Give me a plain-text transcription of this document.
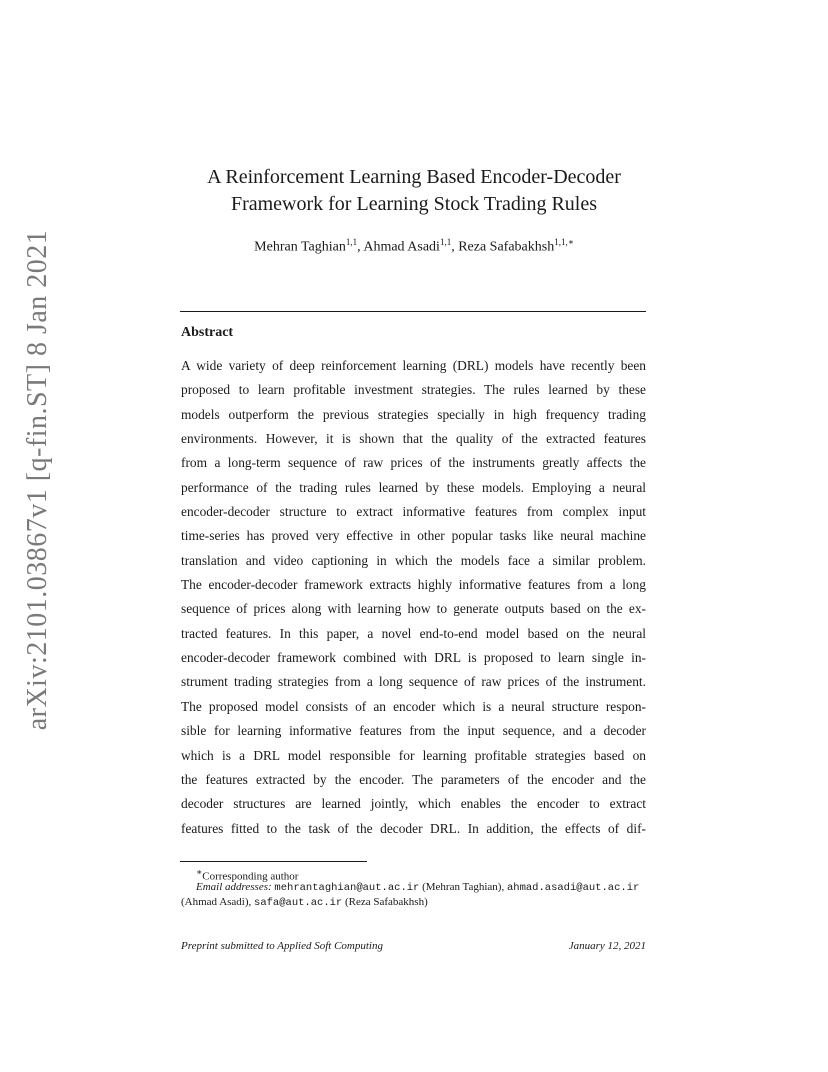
arXiv:2101.03867v1 [q-fin.ST] 8 Jan 2021
A Reinforcement Learning Based Encoder-Decoder
Framework for Learning Stock Trading Rules
Mehran Taghian$^{1,1}$, Ahmad Asadi$^{1,1}$, Reza Safabakhsh$^{1,1,∗}$
Abstract
A wide variety of deep reinforcement learning (DRL) models have recently been
proposed to learn profitable investment strategies. The rules learned by these
models outperform the previous strategies specially in high frequency trading
environments. However, it is shown that the quality of the extracted features
from a long-term sequence of raw prices of the instruments greatly affects the
performance of the trading rules learned by these models. Employing a neural
encoder-decoder structure to extract informative features from complex input
time-series has proved very effective in other popular tasks like neural machine
translation and video captioning in which the models face a similar problem.
The encoder-decoder framework extracts highly informative features from a long
sequence of prices along with learning how to generate outputs based on the ex-
tracted features. In this paper, a novel end-to-end model based on the neural
encoder-decoder framework combined with DRL is proposed to learn single in-
strument trading strategies from a long sequence of raw prices of the instrument.
The proposed model consists of an encoder which is a neural structure respon-
sible for learning informative features from the input sequence, and a decoder
which is a DRL model responsible for learning profitable strategies based on
the features extracted by the encoder. The parameters of the encoder and the
decoder structures are learned jointly, which enables the encoder to extract
features fitted to the task of the decoder DRL. In addition, the effects of dif-
∗Corresponding author
Email addresses: mehrantaghian@aut.ac.ir (Mehran Taghian), ahmad.asadi@aut.ac.ir
(Ahmad Asadi), safa@aut.ac.ir (Reza Safabakhsh)
Preprint submitted to Applied Soft Computing	January 12, 2021
